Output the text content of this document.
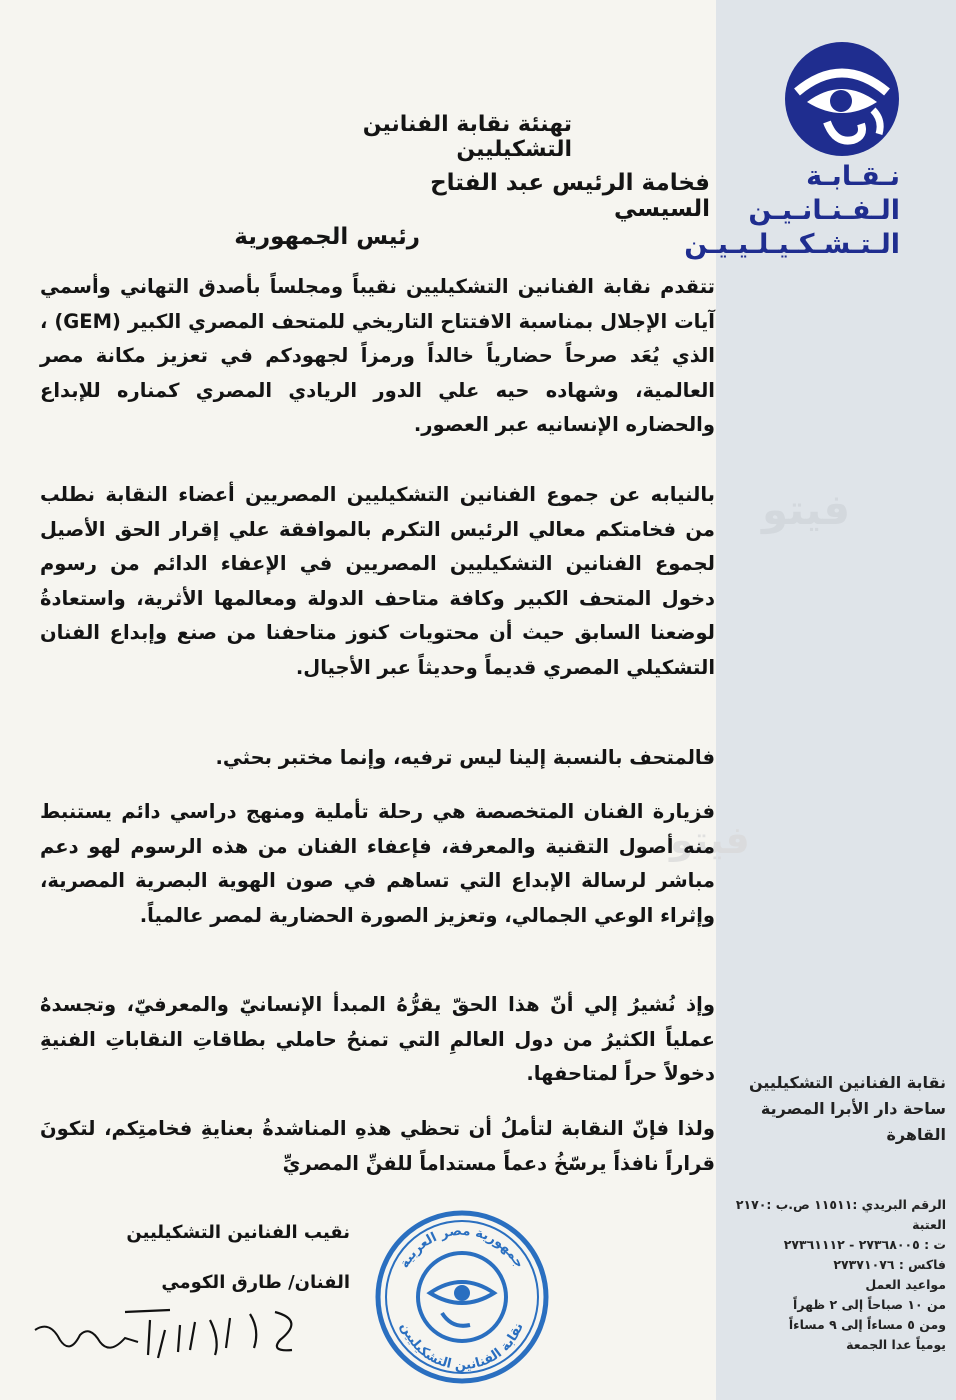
نـقـابـة
الـفـنـانـيـن
الـتـشـكـيـلـيـيـن
فيتو
فيتو
تهنئة نقابة الفنانين التشكيليين
فخامة الرئيس عبد الفتاح السيسي
رئيس الجمهورية

تتقدم نقابة الفنانين التشكيليين نقيباً ومجلساً بأصدق التهاني وأسمي آيات الإجلال بمناسبة الافتتاح التاريخي للمتحف المصري الكبير (GEM) ، الذي يُعَد صرحاً حضارياً خالداً ورمزاً لجهودكم في تعزيز مكانة مصر العالمية، وشهاده حيه علي الدور الريادي المصري كمناره للإبداع والحضاره الإنسانيه عبر العصور.

بالنيابه عن جموع الفنانين التشكيليين المصريين أعضاء النقابة نطلب من فخامتكم معالي الرئيس التكرم بالموافقة علي إقرار الحق الأصيل لجموع الفنانين التشكيليين المصريين في الإعفاء الدائم من رسوم دخول المتحف الكبير وكافة متاحف الدولة ومعالمها الأثرية، واستعادةُ لوضعنا السابق حيث أن محتويات كنوز متاحفنا من صنع وإبداع الفنان التشكيلي المصري قديماً وحديثاً عبر الأجيال.

فالمتحف بالنسبة إلينا ليس ترفيه، وإنما مختبر بحثي.

فزيارة الفنان المتخصصة هي رحلة تأملية ومنهج دراسي دائم يستنبط منه أصول التقنية والمعرفة، فإعفاء الفنان من هذه الرسوم لهو دعم مباشر لرسالة الإبداع التي تساهم في صون الهوية البصرية المصرية، وإثراء الوعي الجمالي، وتعزيز الصورة الحضارية لمصر عالمياً.

وإذ نُشيرُ إلي أنّ هذا الحقّ يقرُّهُ المبدأ الإنسانيّ والمعرفيّ، وتجسدهُ عملياً الكثيرُ من دول العالمِ التي تمنحُ حاملي بطاقاتِ النقاباتِ الفنيةِ دخولاً حراً لمتاحفها.

ولذا فإنّ النقابة لتأملُ أن تحظي هذهِ المناشدةُ بعنايةِ فخامتِكم، لتكونَ قراراً نافذاً يرسّخُ دعماً مستداماً للفنِّ المصريِّ

نقيب الفنانين التشكيليين
الفنان/ طارق الكومي
جمهورية مصر العربية
نقابة الفنانين التشكيليين
نقابة الفنانين التشكيليين
ساحة دار الأبرا المصرية
القاهرة
الرقم البريدي :١١٥١١ ص.ب :٢١٧٠ العتبة
ت : ٢٧٣٦٨٠٠٥ - ٢٧٣٦١١١٢
فاكس : ٢٧٣٧١٠٧٦
مواعيد العمل
من ١٠ صباحاً إلى ٢ ظهراً
ومن ٥ مساءاً إلى ٩ مساءاً
يومياً عدا الجمعة
